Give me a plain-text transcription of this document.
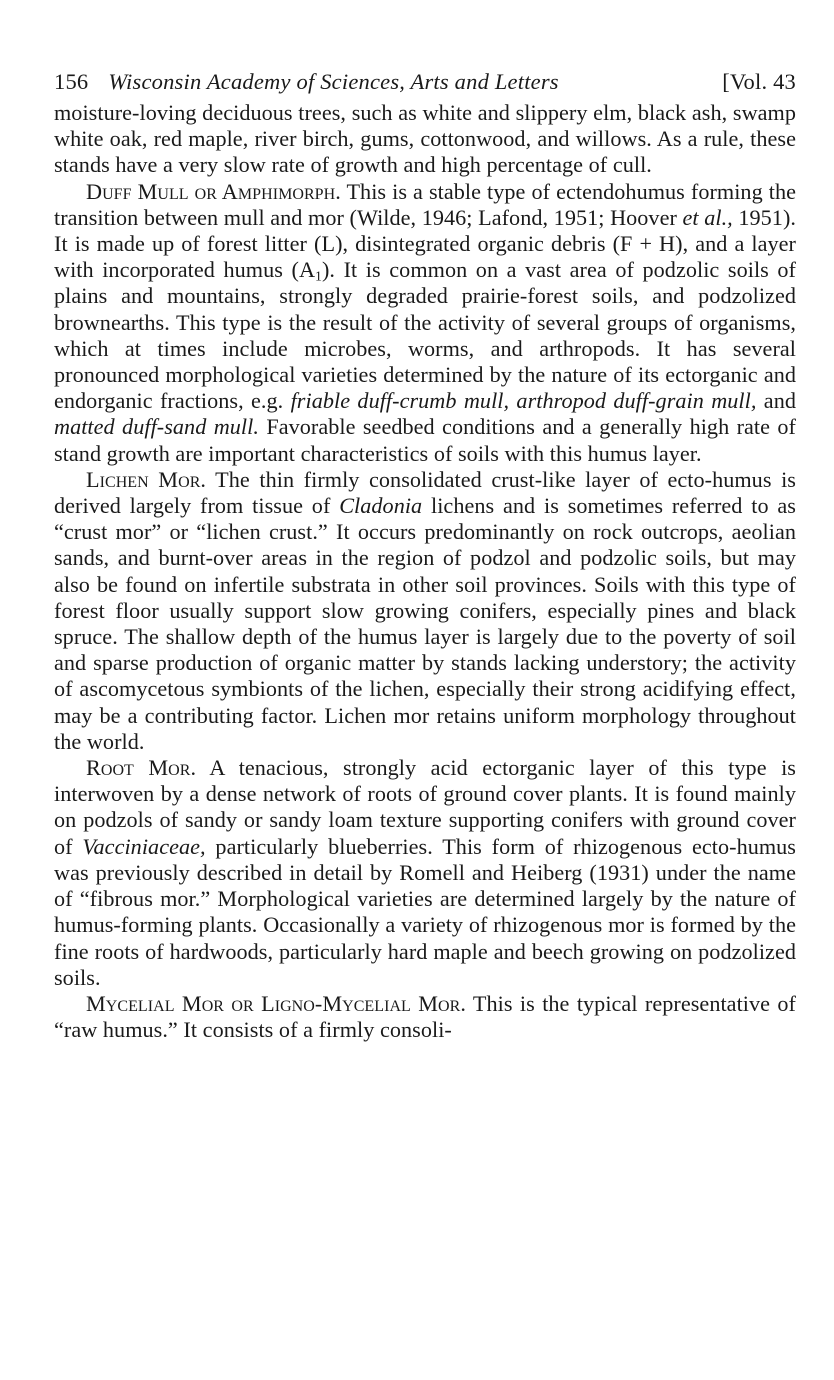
156 Wisconsin Academy of Sciences, Arts and Letters	[Vol. 43

moisture-loving deciduous trees, such as white and slippery elm, black ash, swamp white oak, red maple, river birch, gums, cottonwood, and willows. As a rule, these stands have a very slow rate of growth and high percentage of cull.

Duff Mull or Amphimorph. This is a stable type of ectendohumus forming the transition between mull and mor (Wilde, 1946; Lafond, 1951; Hoover et al., 1951). It is made up of forest litter (L), disintegrated organic debris (F + H), and a layer with incorporated humus $(A_1)$. It is common on a vast area of podzolic soils of plains and mountains, strongly degraded prairie-forest soils, and podzolized brownearths. This type is the result of the activity of several groups of organisms, which at times include microbes, worms, and arthropods. It has several pronounced morphological varieties determined by the nature of its ectorganic and endorganic fractions, e.g. friable duff-crumb mull, arthropod duff-grain mull, and matted duff-sand mull. Favorable seedbed conditions and a generally high rate of stand growth are important characteristics of soils with this humus layer.

Lichen Mor. The thin firmly consolidated crust-like layer of ecto-humus is derived largely from tissue of Cladonia lichens and is sometimes referred to as “crust mor” or “lichen crust.” It occurs predominantly on rock outcrops, aeolian sands, and burnt-over areas in the region of podzol and podzolic soils, but may also be found on infertile substrata in other soil provinces. Soils with this type of forest floor usually support slow growing conifers, especially pines and black spruce. The shallow depth of the humus layer is largely due to the poverty of soil and sparse production of organic matter by stands lacking understory; the activity of ascomycetous symbionts of the lichen, especially their strong acidifying effect, may be a contributing factor. Lichen mor retains uniform morphology throughout the world.

Root Mor. A tenacious, strongly acid ectorganic layer of this type is interwoven by a dense network of roots of ground cover plants. It is found mainly on podzols of sandy or sandy loam texture supporting conifers with ground cover of Vacciniaceae, particularly blueberries. This form of rhizogenous ecto-humus was previously described in detail by Romell and Heiberg (1931) under the name of “fibrous mor.” Morphological varieties are determined largely by the nature of humus-forming plants. Occasionally a variety of rhizogenous mor is formed by the fine roots of hardwoods, particularly hard maple and beech growing on podzolized soils.

Mycelial Mor or Ligno-Mycelial Mor. This is the typical representative of “raw humus.” It consists of a firmly consoli-
